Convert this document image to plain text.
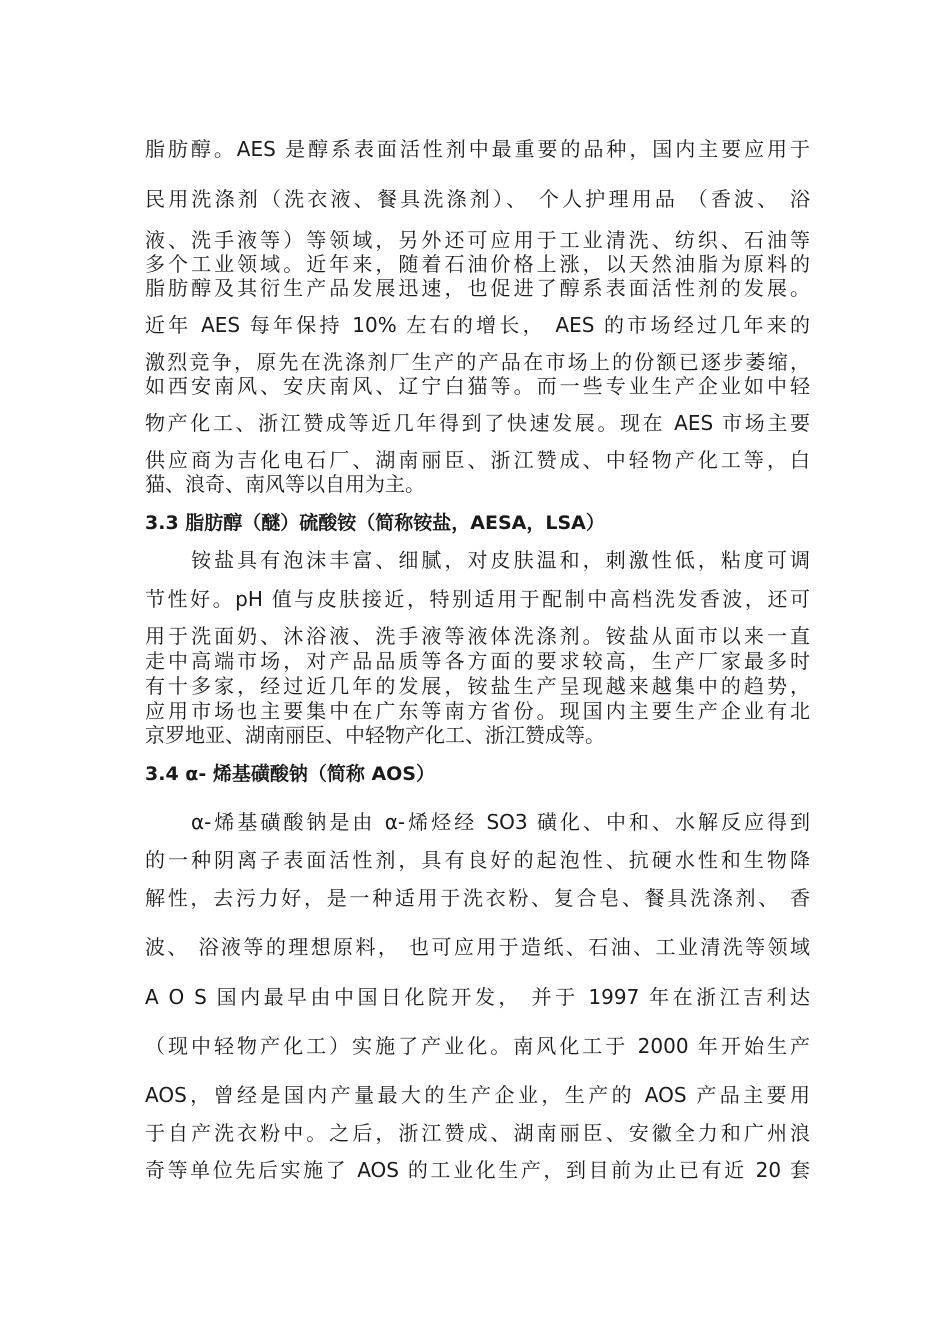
脂肪醇。AES 是醇系表面活性剂中最重要的品种，国内主要应用于
民用洗涤剂（洗衣液、餐具洗涤剂）、 个人护理用品 （香波、 浴
液、洗手液等）等领域，另外还可应用于工业清洗、纺织、石油等
多个工业领域。近年来，随着石油价格上涨，以天然油脂为原料的
脂肪醇及其衍生产品发展迅速，也促进了醇系表面活性剂的发展。
近年 AES 每年保持 10% 左右的增长， AES 的市场经过几年来的
激烈竞争，原先在洗涤剂厂生产的产品在市场上的份额已逐步萎缩，
如西安南风、安庆南风、辽宁白猫等。而一些专业生产企业如中轻
物产化工、浙江赞成等近几年得到了快速发展。现在 AES 市场主要
供应商为吉化电石厂、湖南丽臣、浙江赞成、中轻物产化工等，白
猫、浪奇、南风等以自用为主。
3.3 脂肪醇（醚）硫酸铵（简称铵盐，AESA，LSA）
　　铵盐具有泡沫丰富、细腻，对皮肤温和，刺激性低，粘度可调
节性好。pH 值与皮肤接近，特别适用于配制中高档洗发香波，还可
用于洗面奶、沐浴液、洗手液等液体洗涤剂。铵盐从面市以来一直
走中高端市场，对产品品质等各方面的要求较高，生产厂家最多时
有十多家，经过近几年的发展，铵盐生产呈现越来越集中的趋势，
应用市场也主要集中在广东等南方省份。现国内主要生产企业有北
京罗地亚、湖南丽臣、中轻物产化工、浙江赞成等。
3.4 α- 烯基磺酸钠（简称 AOS）
　　α-烯基磺酸钠是由 α-烯烃经 SO3 磺化、中和、水解反应得到
的一种阴离子表面活性剂，具有良好的起泡性、抗硬水性和生物降
解性，去污力好，是一种适用于洗衣粉、复合皂、餐具洗涤剂、 香
波、 浴液等的理想原料， 也可应用于造纸、石油、工业清洗等领域
A O S 国内最早由中国日化院开发， 并于 1997 年在浙江吉利达
（现中轻物产化工）实施了产业化。南风化工于 2000 年开始生产
AOS，曾经是国内产量最大的生产企业，生产的 AOS 产品主要用
于自产洗衣粉中。之后，浙江赞成、湖南丽臣、安徽全力和广州浪
奇等单位先后实施了 AOS 的工业化生产，到目前为止已有近 20 套
